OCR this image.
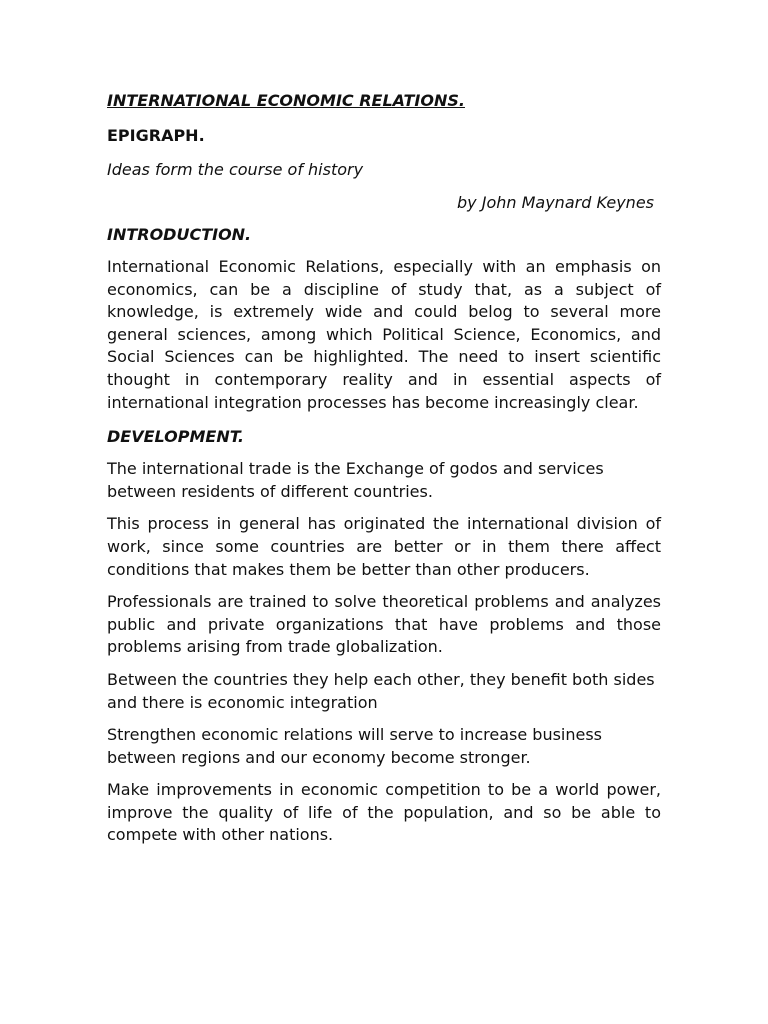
INTERNATIONAL ECONOMIC RELATIONS.
EPIGRAPH.
Ideas form the course of history
by John Maynard Keynes
INTRODUCTION.
International Economic Relations, especially with an emphasis on economics, can be a discipline of study that, as a subject of knowledge, is extremely wide and could belog to several more general sciences, among which Political Science, Economics, and Social Sciences can be highlighted. The need to insert scientific thought in contemporary reality and in essential aspects of international integration processes has become increasingly clear.
DEVELOPMENT.
The international trade is the Exchange of godos and services between residents of different countries.
This process in general has originated the international division of work, since some countries are better or in them there affect conditions that makes them be better than other producers.
Professionals are trained to solve theoretical problems and analyzes public and private organizations that have problems and those problems arising from trade globalization.
Between the countries they help each other, they benefit both sides and there is economic integration
Strengthen economic relations will serve to increase business between regions and our economy become stronger.
Make improvements in economic competition to be a world power, improve the quality of life of the population, and so be able to compete with other nations.
